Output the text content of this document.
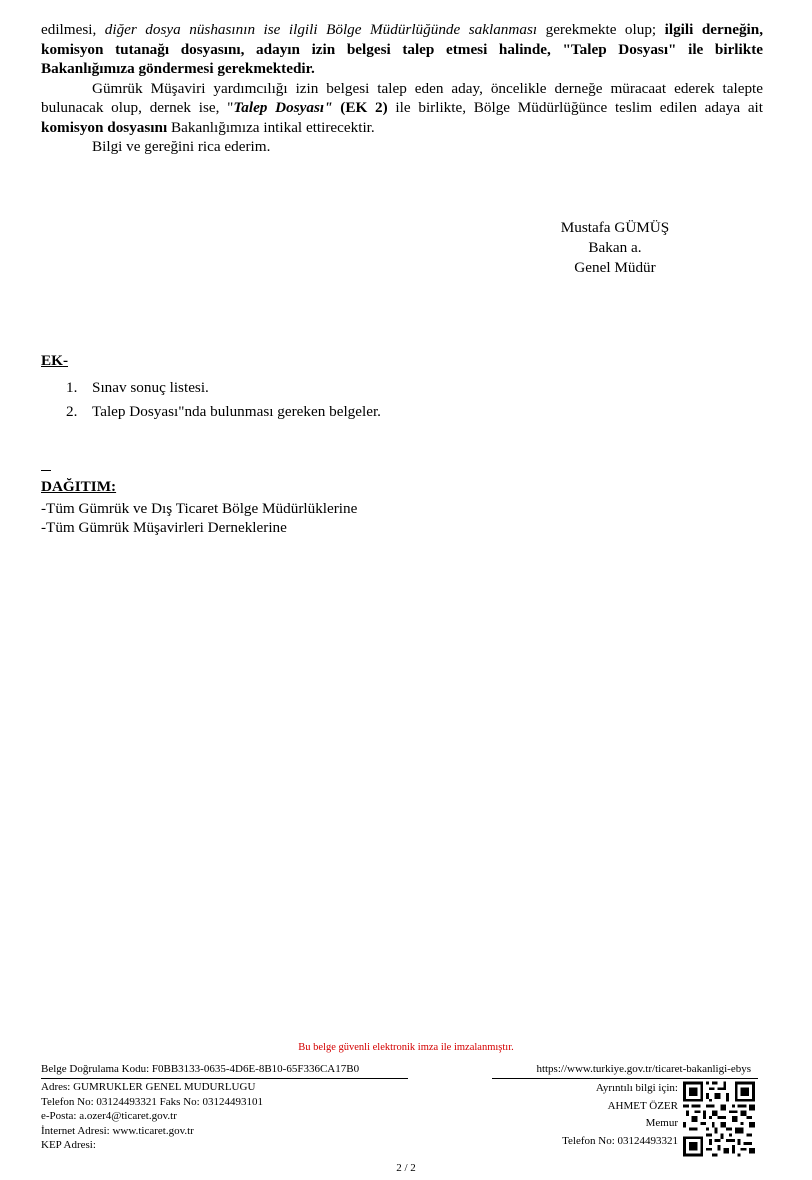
edilmesi, diğer dosya nüshasının ise ilgili Bölge Müdürlüğünde saklanması gerekmekte olup; ilgili derneğin, komisyon tutanağı dosyasını, adayın izin belgesi talep etmesi halinde, "Talep Dosyası" ile birlikte Bakanlığımıza göndermesi gerekmektedir.

Gümrük Müşaviri yardımcılığı izin belgesi talep eden aday, öncelikle derneğe müracaat ederek talepte bulunacak olup, dernek ise, "Talep Dosyası" (EK 2) ile birlikte, Bölge Müdürlüğünce teslim edilen adaya ait komisyon dosyasını Bakanlığımıza intikal ettirecektir.

Bilgi ve gereğini rica ederim.

Mustafa GÜMÜŞ
Bakan a.
Genel Müdür
EK-
1. Sınav sonuç listesi.
2. Talep Dosyası"nda bulunması gereken belgeler.
DAĞITIM:
-Tüm Gümrük ve Dış Ticaret Bölge Müdürlüklerine
-Tüm Gümrük Müşavirleri Derneklerine
Bu belge güvenli elektronik imza ile imzalanmıştır.
Belge Doğrulama Kodu: F0BB3133-0635-4D6E-8B10-65F336CA17B0	https://www.turkiye.gov.tr/ticaret-bakanligi-ebys
Adres: GUMRUKLER GENEL MUDURLUGU
Telefon No: 03124493321 Faks No: 03124493101
e-Posta: a.ozer4@ticaret.gov.tr
İnternet Adresi: www.ticaret.gov.tr
KEP Adresi:
Ayrıntılı bilgi için:
AHMET ÖZER
Memur
Telefon No: 03124493321
2 / 2
